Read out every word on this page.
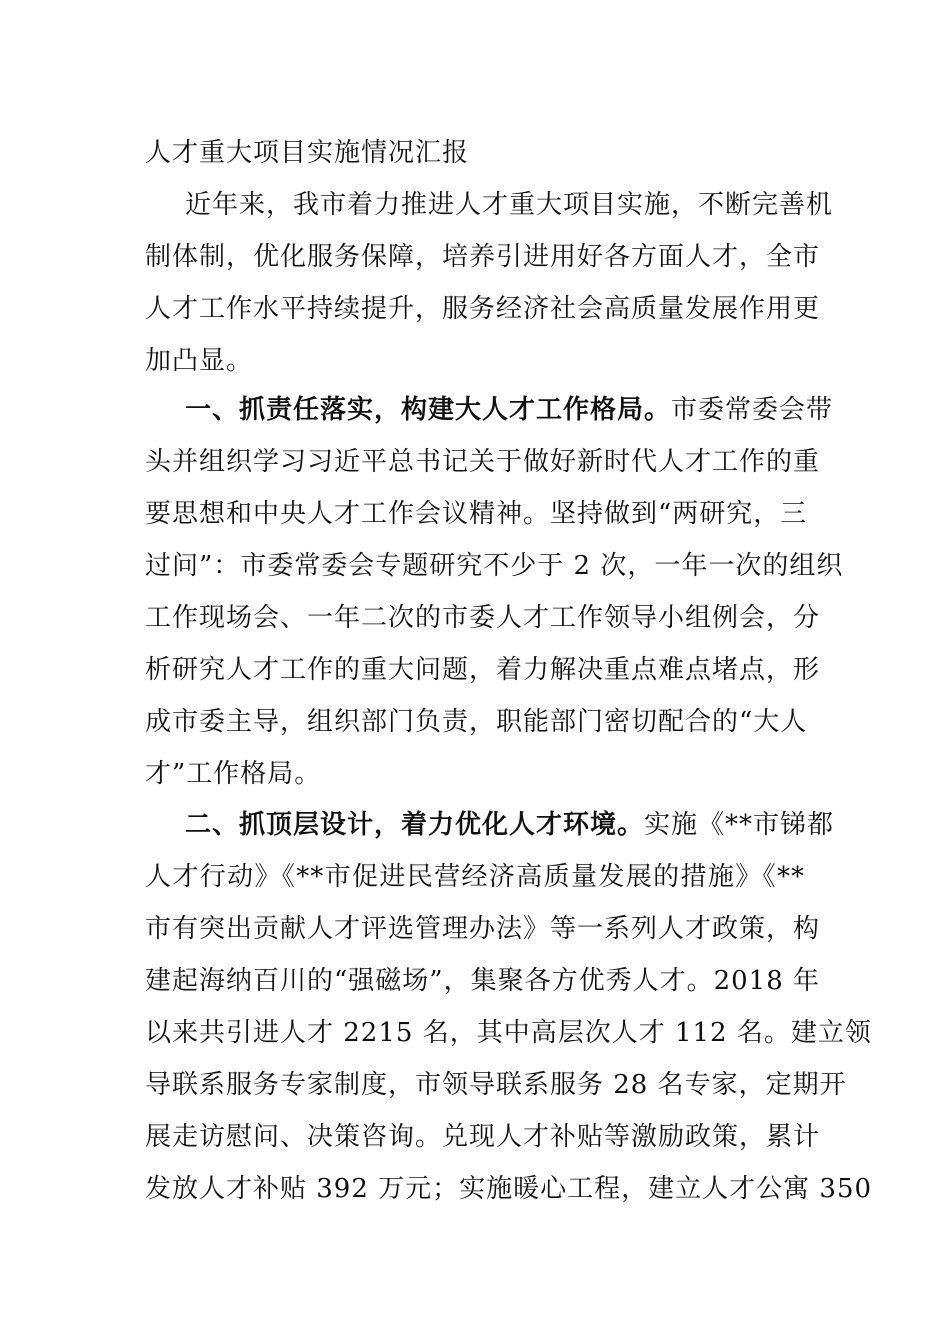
人才重大项目实施情况汇报
近年来，我市着力推进人才重大项目实施，不断完善机
制体制，优化服务保障，培养引进用好各方面人才，全市
人才工作水平持续提升，服务经济社会高质量发展作用更
加凸显。
一、抓责任落实，构建大人才工作格局。市委常委会带
头并组织学习习近平总书记关于做好新时代人才工作的重
要思想和中央人才工作会议精神。坚持做到“两研究，三
过问”：市委常委会专题研究不少于 2 次，一年一次的组织
工作现场会、一年二次的市委人才工作领导小组例会，分
析研究人才工作的重大问题，着力解决重点难点堵点，形
成市委主导，组织部门负责，职能部门密切配合的“大人
才”工作格局。
二、抓顶层设计，着力优化人才环境。实施《**市锑都
人才行动》《**市促进民营经济高质量发展的措施》《**
市有突出贡献人才评选管理办法》等一系列人才政策，构
建起海纳百川的“强磁场”，集聚各方优秀人才。2018 年
以来共引进人才 2215 名，其中高层次人才 112 名。建立领
导联系服务专家制度，市领导联系服务 28 名专家，定期开
展走访慰问、决策咨询。兑现人才补贴等激励政策，累计
发放人才补贴 392 万元；实施暖心工程，建立人才公寓 350
